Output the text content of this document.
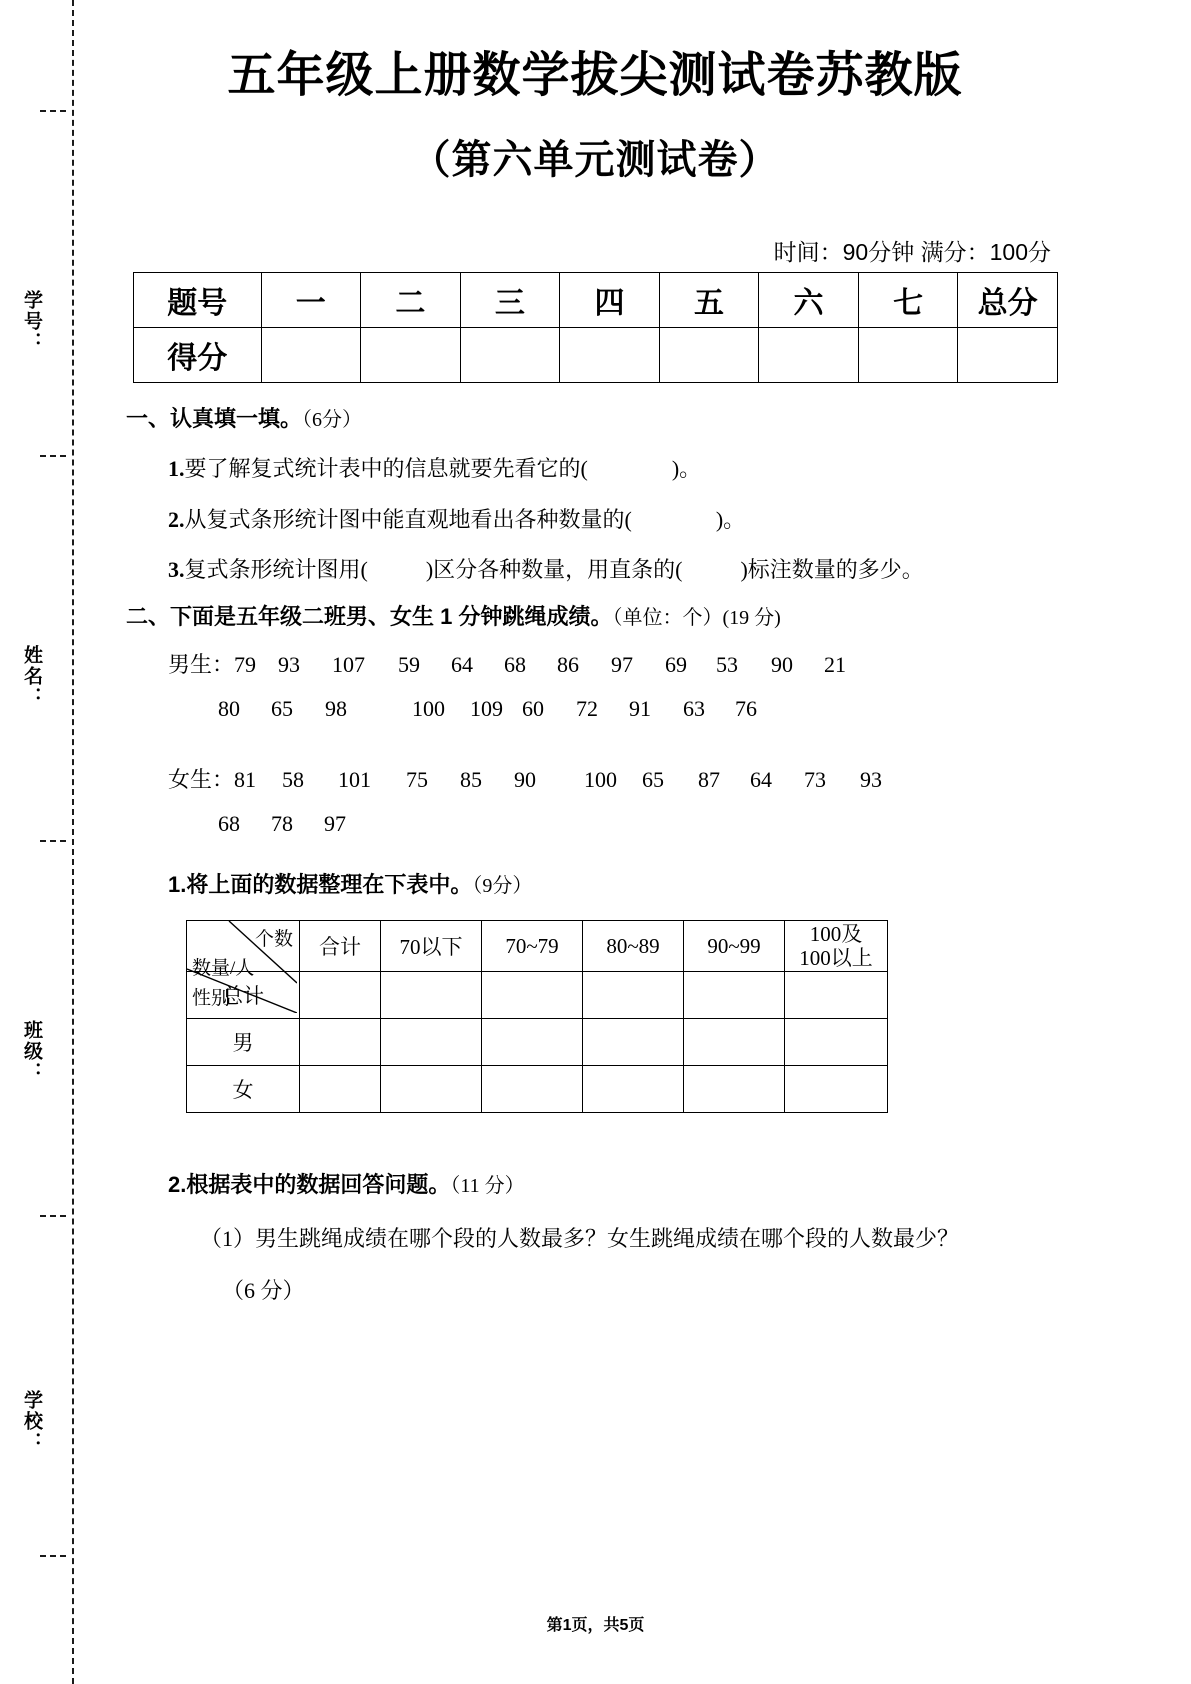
学号：
姓名：
班级：
学校：
五年级上册数学拔尖测试卷苏教版
（第六单元测试卷）
时间：90分钟 满分：100分
题号	一	二	三	四	五	六	七	总分
得分								
一、认真填一填。（6分）
1.要了解复式统计表中的信息就要先看它的(	)。
2.从复式条形统计图中能直观地看出各种数量的(	)。
3.复式条形统计图用(	)区分各种数量，用直条的(	)标注数量的多少。
二、下面是五年级二班男、女生 1 分钟跳绳成绩。（单位：个）(19 分)
男生：79 93 107 59 64 68 86 97 69 53 90 21
80 65 98	100 109 60 72 91 63 76
女生：81 58 101 75 85 90 100 65 87 64 73 93
68 78 97
1.将上面的数据整理在下表中。（9分）
个数
数量/人
性别	合计	70以下	70~79	80~89	90~99	100及
100以上
总计						
男						
女						
2.根据表中的数据回答问题。（11 分）
（1）男生跳绳成绩在哪个段的人数最多？女生跳绳成绩在哪个段的人数最少？
（6 分）
第1页，共5页
